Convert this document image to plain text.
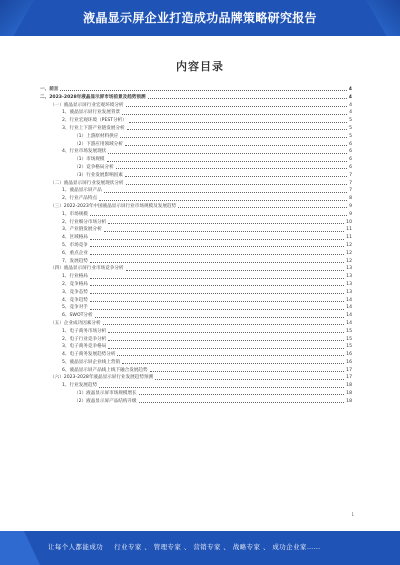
液晶显示屏企业打造成功品牌策略研究报告
内容目录
一、前言	4
二、2023-2028年液晶显示屏市场前景及趋势预测	4
（一）液晶显示屏行业宏观环境分析	4
1、液晶显示屏行业发展背景	4
2、行业宏观环境（PEST分析）	5
3、行业上下游产业链发展分析	5
（1）上游原材料供应	5
（2）下游应用领域分析	6
4、行业市场发展现状	6
（1）市场规模	6
（2）竞争格局分析	6
（3）行业发展影响因素	7
（二）液晶显示屏行业发展现状分析	7
1、液晶显示屏产品	7
2、行业产品特点	8
（三）2022-2023年中国液晶显示屏行业市场规模及发展趋势	9
1、市场规模	9
2、行业细分市场分析	10
3、产业链发展分析	11
4、区域格局	11
5、市场竞争	12
6、重点企业	12
7、发展趋势	12
（四）液晶显示屏行业市场竞争分析	13
1、行业格局	13
2、竞争格局	13
3、竞争态势	13
4、竞争趋势	14
5、竞争对手	14
6、SWOT分析	14
（五）企业成功因素分析	14
1、电子商务市场分析	15
2、电子行业竞争分析	15
3、电子商务竞争格局	15
4、电子商务发展趋势分析	16
5、液晶显示屏企业线上营销	16
6、液晶显示屏产品线上线下融合发展趋势	17
（六）2023-2028年液晶显示屏行业发展趋势预测	17
1、行业发展趋势	18
（1）液晶显示屏市场规模增长	18
（2）液晶显示屏产品结构升级	18
1
让每个人都能成功 行业专家 、 管理专家 、 营销专家 、 战略专家 、 成功企业家……
